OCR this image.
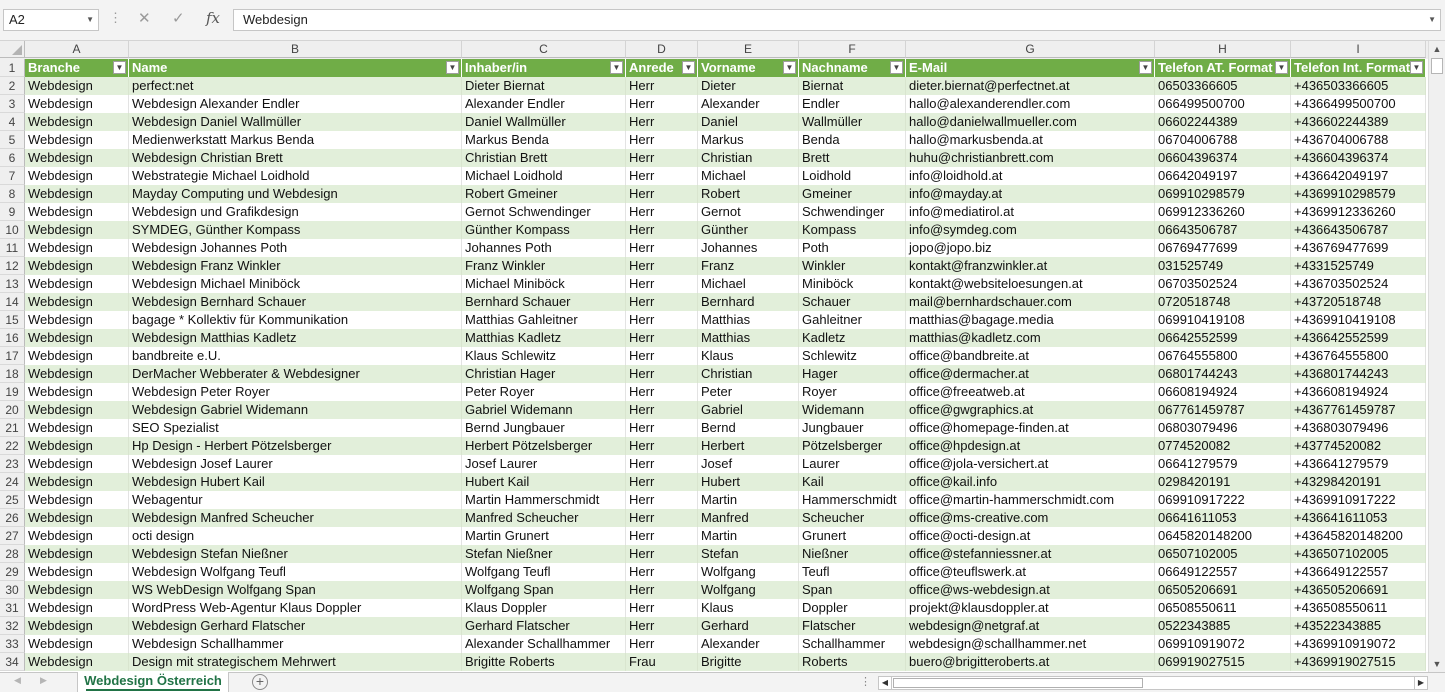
A2	▼ ⋮ ✕ ✓ fx	Webdesign	▼
A	B	C	D	E	F	G	H	I
1 Branche	▼ Name	▼ Inhaber/in	▼ Anrede	▼ Vorname	▼ Nachname	▼ E-Mail	▼ Telefon AT. Format ▼ Telefon Int. Format ▼
2 Webdesign	perfect:net	Dieter Biernat	Herr	Dieter	Biernat	dieter.biernat@perfectnet.at	06503366605	+436503366605
3 Webdesign	Webdesign Alexander Endler	Alexander Endler	Herr	Alexander	Endler	hallo@alexanderendler.com	066499500700	+4366499500700
4 Webdesign	Webdesign Daniel Wallmüller	Daniel Wallmüller	Herr	Daniel	Wallmüller	hallo@danielwallmueller.com	06602244389	+436602244389
5 Webdesign	Medienwerkstatt Markus Benda	Markus Benda	Herr	Markus	Benda	hallo@markusbenda.at	06704006788	+436704006788
6 Webdesign	Webdesign Christian Brett	Christian Brett	Herr	Christian	Brett	huhu@christianbrett.com	06604396374	+436604396374
7 Webdesign	Webstrategie Michael Loidhold	Michael Loidhold	Herr	Michael	Loidhold	info@loidhold.at	06642049197	+436642049197
8 Webdesign	Mayday Computing und Webdesign	Robert Gmeiner	Herr	Robert	Gmeiner	info@mayday.at	069910298579	+4369910298579
9 Webdesign	Webdesign und Grafikdesign	Gernot Schwendinger	Herr	Gernot	Schwendinger	info@mediatirol.at	069912336260	+4369912336260
10 Webdesign	SYMDEG, Günther Kompass	Günther Kompass	Herr	Günther	Kompass	info@symdeg.com	06643506787	+436643506787
11 Webdesign	Webdesign Johannes Poth	Johannes Poth	Herr	Johannes	Poth	jopo@jopo.biz	06769477699	+436769477699
12 Webdesign	Webdesign Franz Winkler	Franz Winkler	Herr	Franz	Winkler	kontakt@franzwinkler.at	031525749	+4331525749
13 Webdesign	Webdesign Michael Miniböck	Michael Miniböck	Herr	Michael	Miniböck	kontakt@websiteloesungen.at	06703502524	+436703502524
14 Webdesign	Webdesign Bernhard Schauer	Bernhard Schauer	Herr	Bernhard	Schauer	mail@bernhardschauer.com	0720518748	+43720518748
15 Webdesign	bagage * Kollektiv für Kommunikation	Matthias Gahleitner	Herr	Matthias	Gahleitner	matthias@bagage.media	069910419108	+4369910419108
16 Webdesign	Webdesign Matthias Kadletz	Matthias Kadletz	Herr	Matthias	Kadletz	matthias@kadletz.com	06642552599	+436642552599
17 Webdesign	bandbreite e.U.	Klaus Schlewitz	Herr	Klaus	Schlewitz	office@bandbreite.at	06764555800	+436764555800
18 Webdesign	DerMacher Webberater & Webdesigner	Christian Hager	Herr	Christian	Hager	office@dermacher.at	06801744243	+436801744243
19 Webdesign	Webdesign Peter Royer	Peter Royer	Herr	Peter	Royer	office@freeatweb.at	06608194924	+436608194924
20 Webdesign	Webdesign Gabriel Widemann	Gabriel Widemann	Herr	Gabriel	Widemann	office@gwgraphics.at	067761459787	+4367761459787
21 Webdesign	SEO Spezialist	Bernd Jungbauer	Herr	Bernd	Jungbauer	office@homepage-finden.at	06803079496	+436803079496
22 Webdesign	Hp Design - Herbert Pötzelsberger	Herbert Pötzelsberger	Herr	Herbert	Pötzelsberger	office@hpdesign.at	0774520082	+43774520082
23 Webdesign	Webdesign Josef Laurer	Josef Laurer	Herr	Josef	Laurer	office@jola-versichert.at	06641279579	+436641279579
24 Webdesign	Webdesign Hubert Kail	Hubert Kail	Herr	Hubert	Kail	office@kail.info	0298420191	+43298420191
25 Webdesign	Webagentur	Martin Hammerschmidt	Herr	Martin	Hammerschmidt office@martin-hammerschmidt.com	069910917222	+4369910917222
26 Webdesign	Webdesign Manfred Scheucher	Manfred Scheucher	Herr	Manfred	Scheucher	office@ms-creative.com	06641611053	+436641611053
27 Webdesign	octi design	Martin Grunert	Herr	Martin	Grunert	office@octi-design.at	0645820148200	+43645820148200
28 Webdesign	Webdesign Stefan Nießner	Stefan Nießner	Herr	Stefan	Nießner	office@stefanniessner.at	06507102005	+436507102005
29 Webdesign	Webdesign Wolfgang Teufl	Wolfgang Teufl	Herr	Wolfgang	Teufl	office@teuflswerk.at	06649122557	+436649122557
30 Webdesign	WS WebDesign Wolfgang Span	Wolfgang Span	Herr	Wolfgang	Span	office@ws-webdesign.at	06505206691	+436505206691
31 Webdesign	WordPress Web-Agentur Klaus Doppler	Klaus Doppler	Herr	Klaus	Doppler	projekt@klausdoppler.at	06508550611	+436508550611
32 Webdesign	Webdesign Gerhard Flatscher	Gerhard Flatscher	Herr	Gerhard	Flatscher	webdesign@netgraf.at	0522343885	+43522343885
33 Webdesign	Webdesign Schallhammer	Alexander Schallhammer	Herr	Alexander	Schallhammer	webdesign@schallhammer.net	069910919072	+4369910919072
34 Webdesign	Design mit strategischem Mehrwert	Brigitte Roberts	Frau	Brigitte	Roberts	buero@brigitteroberts.at	069919027515	+4369919027515
▲
▼
◀ ▶	Webdesign Österreich	+	⋮	◀	▶
